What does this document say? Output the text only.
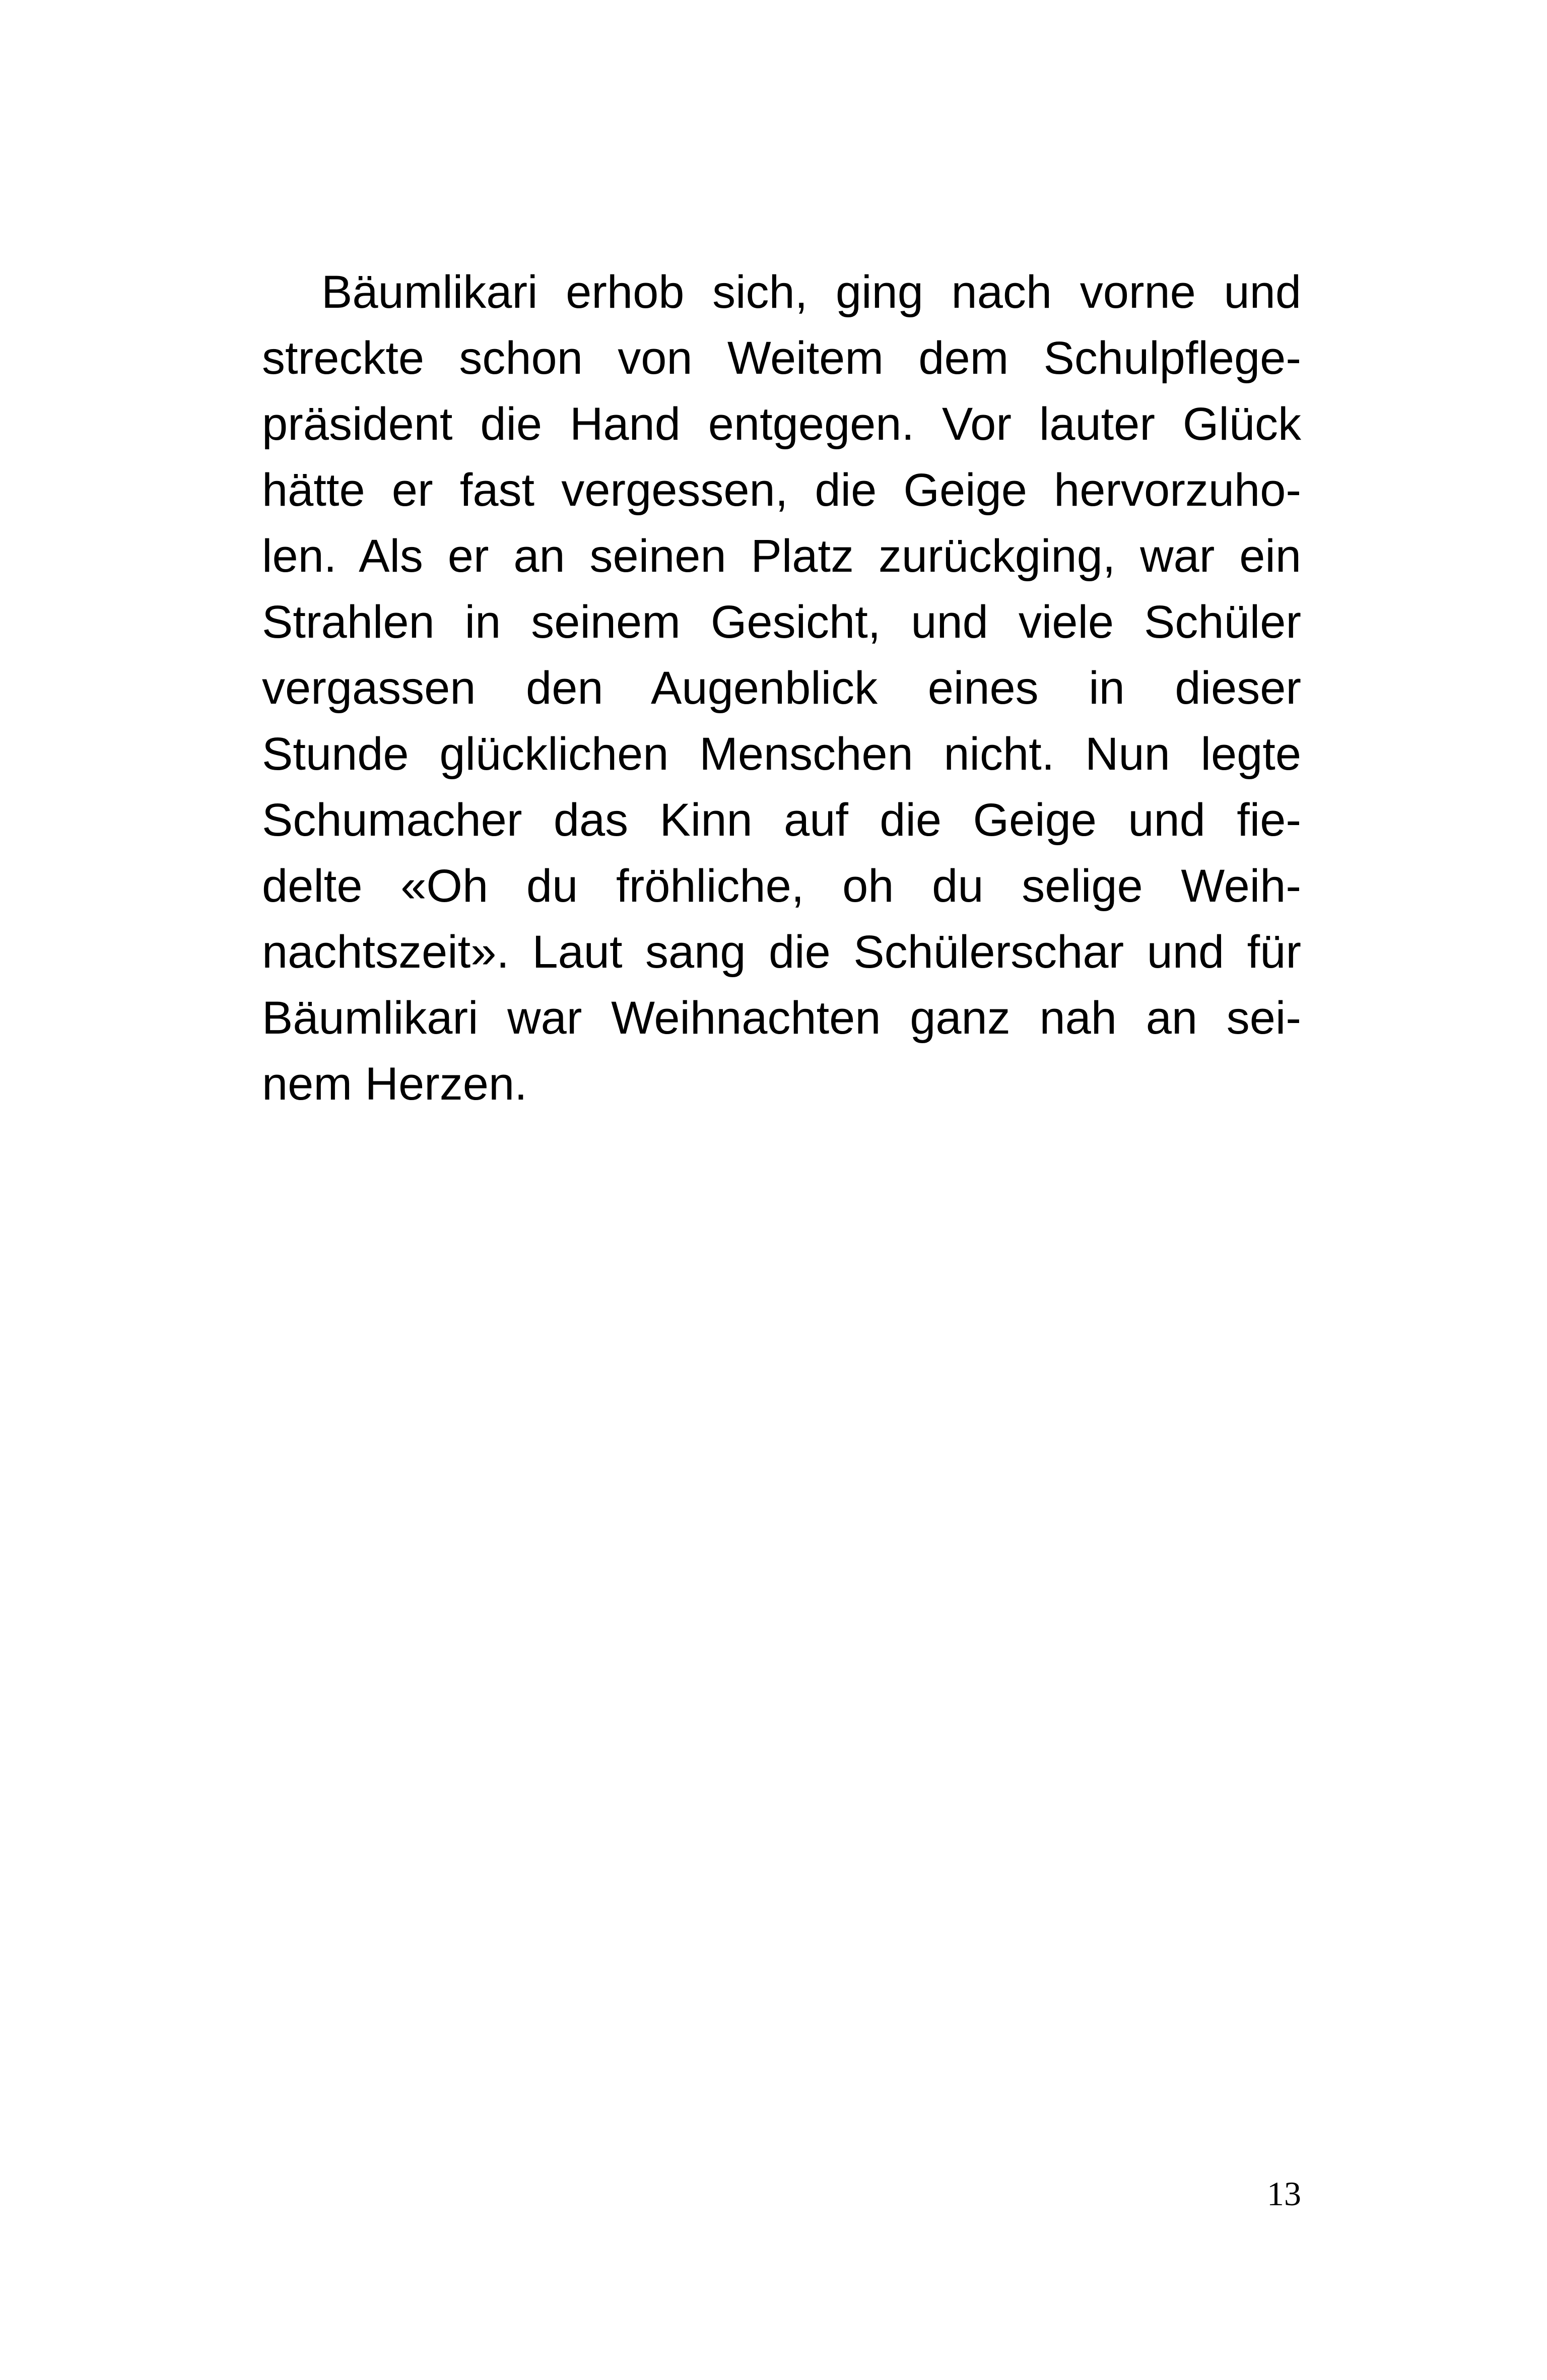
Bäumlikari erhob sich, ging nach vorne und
streckte schon von Weitem dem Schulpflege-
präsident die Hand entgegen. Vor lauter Glück
hätte er fast vergessen, die Geige hervorzuho-
len. Als er an seinen Platz zurückging, war ein
Strahlen in seinem Gesicht, und viele Schüler
vergassen den Augenblick eines in dieser
Stunde glücklichen Menschen nicht. Nun legte
Schumacher das Kinn auf die Geige und fie-
delte «Oh du fröhliche, oh du selige Weih-
nachtszeit». Laut sang die Schülerschar und für
Bäumlikari war Weihnachten ganz nah an sei-
nem Herzen.
13
